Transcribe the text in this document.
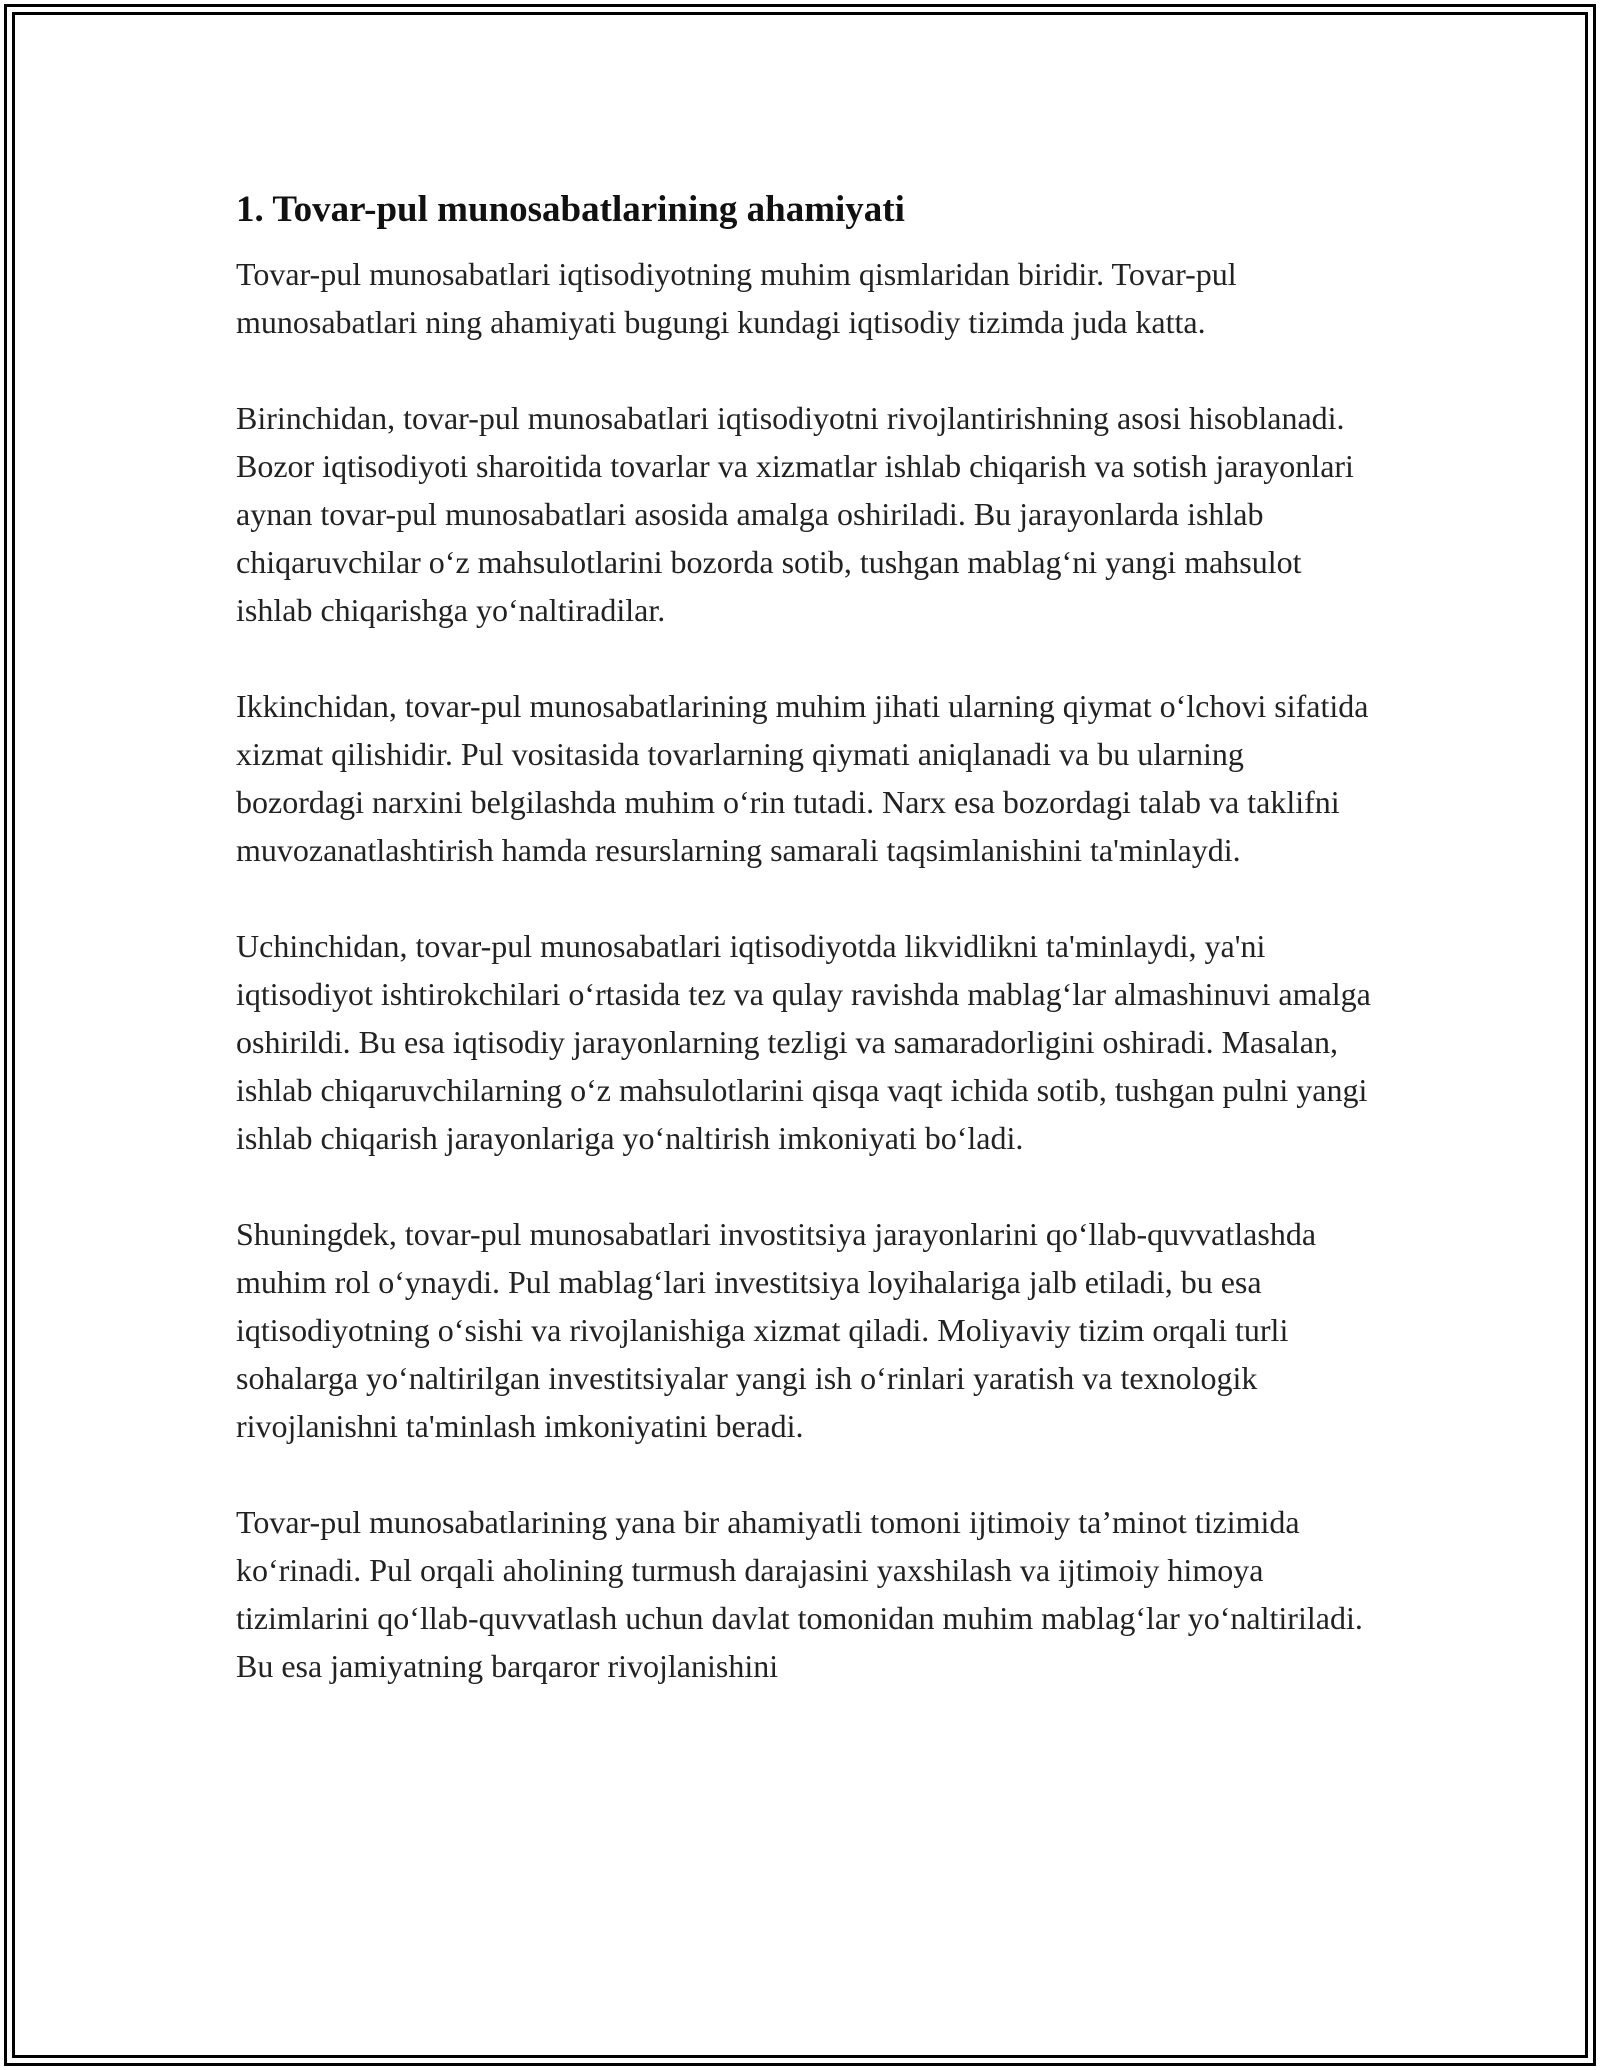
1. Tovar-pul munosabatlarining ahamiyati

Tovar-pul munosabatlari iqtisodiyotning muhim qismlaridan biridir. Tovar-pul munosabatlari ning ahamiyati bugungi kundagi iqtisodiy tizimda juda katta.

Birinchidan, tovar-pul munosabatlari iqtisodiyotni rivojlantirishning asosi hisoblanadi. Bozor iqtisodiyoti sharoitida tovarlar va xizmatlar ishlab chiqarish va sotish jarayonlari aynan tovar-pul munosabatlari asosida amalga oshiriladi. Bu jarayonlarda ishlab chiqaruvchilar o‘z mahsulotlarini bozorda sotib, tushgan mablag‘ni yangi mahsulot ishlab chiqarishga yo‘naltiradilar.

Ikkinchidan, tovar-pul munosabatlarining muhim jihati ularning qiymat o‘lchovi sifatida xizmat qilishidir. Pul vositasida tovarlarning qiymati aniqlanadi va bu ularning bozordagi narxini belgilashda muhim o‘rin tutadi. Narx esa bozordagi talab va taklifni muvozanatlashtirish hamda resurslarning samarali taqsimlanishini ta'minlaydi.

Uchinchidan, tovar-pul munosabatlari iqtisodiyotda likvidlikni ta'minlaydi, ya'ni iqtisodiyot ishtirokchilari o‘rtasida tez va qulay ravishda mablag‘lar almashinuvi amalga oshirildi. Bu esa iqtisodiy jarayonlarning tezligi va samaradorligini oshiradi. Masalan, ishlab chiqaruvchilarning o‘z mahsulotlarini qisqa vaqt ichida sotib, tushgan pulni yangi ishlab chiqarish jarayonlariga yo‘naltirish imkoniyati bo‘ladi.

Shuningdek, tovar-pul munosabatlari invostitsiya jarayonlarini qo‘llab-quvvatlashda muhim rol o‘ynaydi. Pul mablag‘lari investitsiya loyihalariga jalb etiladi, bu esa iqtisodiyotning o‘sishi va rivojlanishiga xizmat qiladi. Moliyaviy tizim orqali turli sohalarga yo‘naltirilgan investitsiyalar yangi ish o‘rinlari yaratish va texnologik rivojlanishni ta'minlash imkoniyatini beradi.

Tovar-pul munosabatlarining yana bir ahamiyatli tomoni ijtimoiy ta’minot tizimida ko‘rinadi. Pul orqali aholining turmush darajasini yaxshilash va ijtimoiy himoya tizimlarini qo‘llab-quvvatlash uchun davlat tomonidan muhim mablag‘lar yo‘naltiriladi. Bu esa jamiyatning barqaror rivojlanishini
